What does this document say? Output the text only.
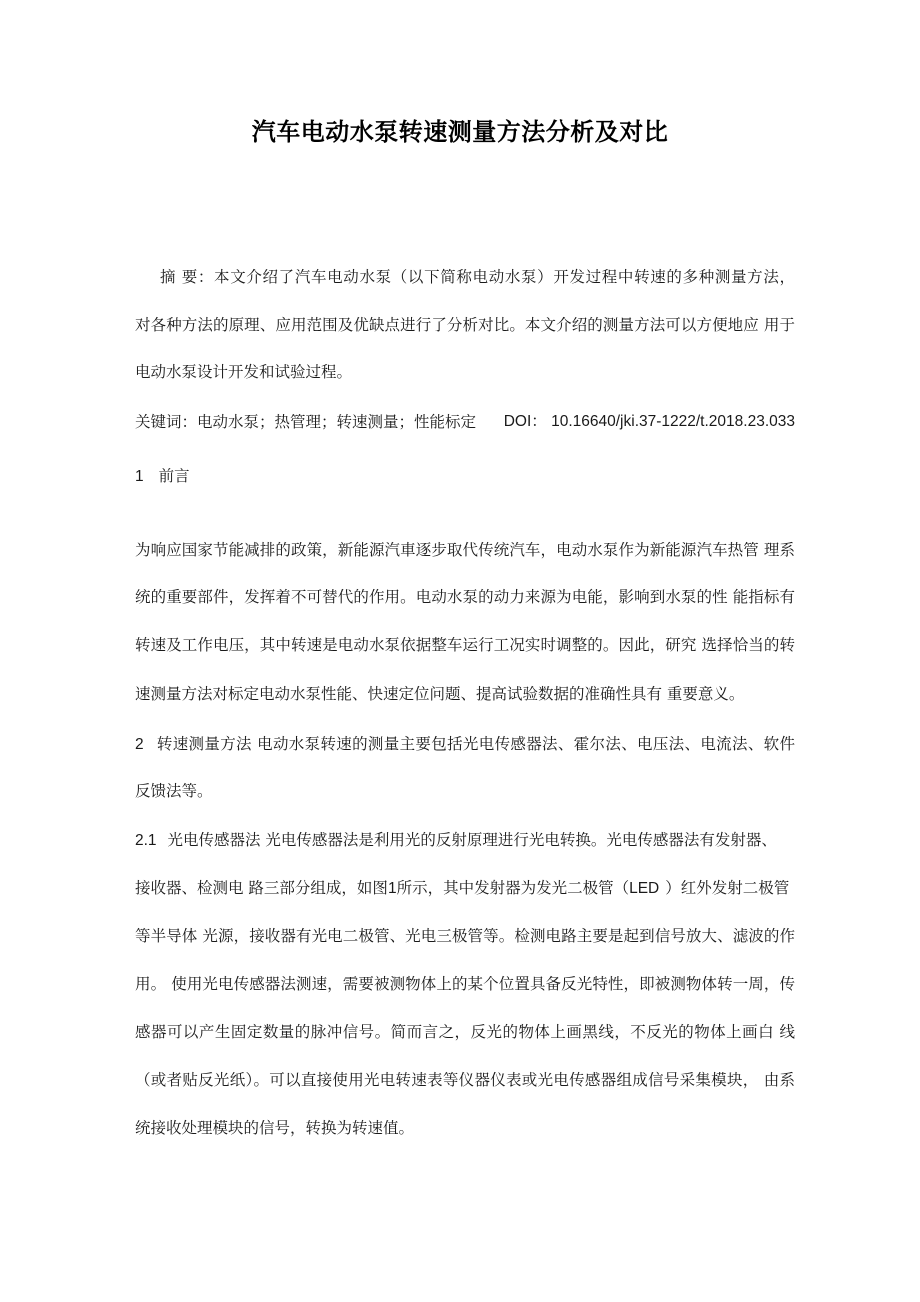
汽车电动水泵转速测量方法分析及对比

摘 要：本文介绍了汽车电动水泵（以下简称电动水泵）开发过程中转速的多种测量方法，

对各种方法的原理、应用范围及优缺点进行了分析对比。本文介绍的测量方法可以方便地应 用于

电动水泵设计开发和试验过程。

关键词：电动水泵；热管理；转速测量；性能标定 DOI： 10.16640/jki.37-1222/t.2018.23.033

1 前言

为响应国家节能减排的政策，新能源汽車逐步取代传统汽车，电动水泵作为新能源汽车热管 理系

统的重要部件，发挥着不可替代的作用。电动水泵的动力来源为电能，影响到水泵的性 能指标有

转速及工作电压，其中转速是电动水泵依据整车运行工况实时调整的。因此，研究 选择恰当的转

速测量方法对标定电动水泵性能、快速定位问题、提高试验数据的准确性具有 重要意义。

2 转速测量方法 电动水泵转速的测量主要包括光电传感器法、霍尔法、电压法、电流法、软件

反馈法等。

2.1 光电传感器法 光电传感器法是利用光的反射原理进行光电转换。光电传感器法有发射器、

接收器、检测电 路三部分组成，如图1所示，其中发射器为发光二极管（LED ）红外发射二极管

等半导体 光源，接收器有光电二极管、光电三极管等。检测电路主要是起到信号放大、滤波的作

用。 使用光电传感器法测速，需要被测物体上的某个位置具备反光特性，即被测物体转一周，传

感器可以产生固定数量的脉冲信号。简而言之，反光的物体上画黑线，不反光的物体上画白 线

（或者贴反光纸）。可以直接使用光电转速表等仪器仪表或光电传感器组成信号采集模块， 由系

统接收处理模块的信号，转换为转速值。
